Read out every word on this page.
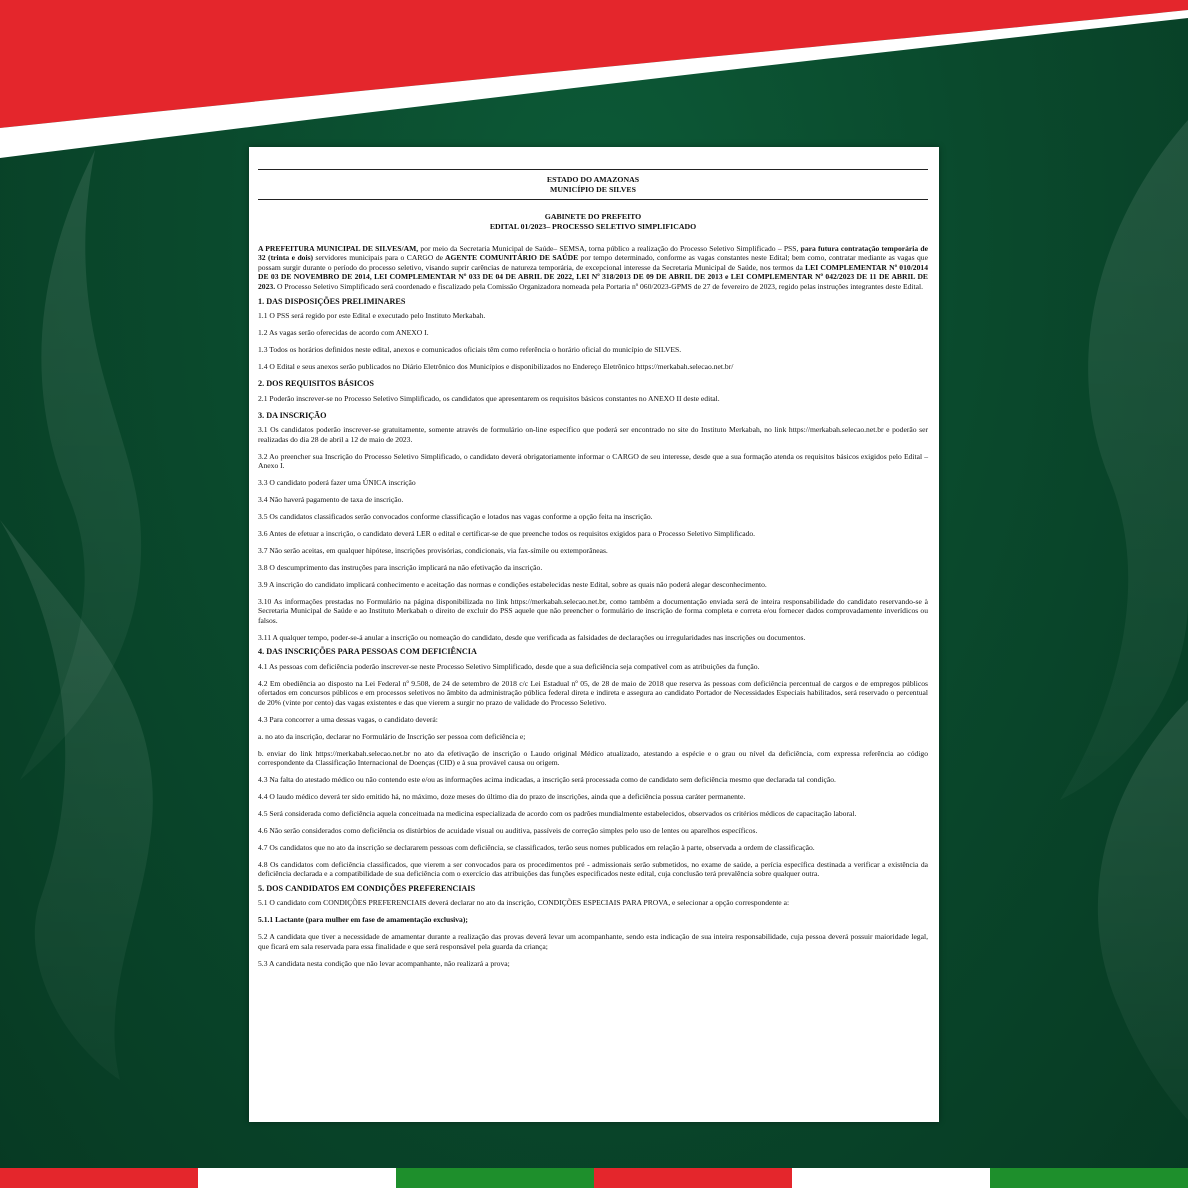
ESTADO DO AMAZONAS
MUNICÍPIO DE SILVES
GABINETE DO PREFEITO
EDITAL 01/2023– PROCESSO SELETIVO SIMPLIFICADO

A PREFEITURA MUNICIPAL DE SILVES/AM, por meio da Secretaria Municipal de Saúde– SEMSA, torna público a realização do Processo Seletivo Simplificado – PSS, para futura contratação temporária de 32 (trinta e dois) servidores municipais para o CARGO de AGENTE COMUNITÁRIO DE SAÚDE por tempo determinado, conforme as vagas constantes neste Edital; bem como, contratar mediante as vagas que possam surgir durante o período do processo seletivo, visando suprir carências de natureza temporária, de excepcional interesse da Secretaria Municipal de Saúde, nos termos da LEI COMPLEMENTAR Nº 010/2014 DE 03 DE NOVEMBRO DE 2014, LEI COMPLEMENTAR Nº 033 DE 04 DE ABRIL DE 2022, LEI Nº 318/2013 DE 09 DE ABRIL DE 2013 e LEI COMPLEMENTAR Nº 042/2023 DE 11 DE ABRIL DE 2023. O Processo Seletivo Simplificado será coordenado e fiscalizado pela Comissão Organizadora nomeada pela Portaria nº 060/2023-GPMS de 27 de fevereiro de 2023, regido pelas instruções integrantes deste Edital.

1. DAS DISPOSIÇÕES PRELIMINARES

1.1 O PSS será regido por este Edital e executado pelo Instituto Merkabah.

1.2 As vagas serão oferecidas de acordo com ANEXO I.

1.3 Todos os horários definidos neste edital, anexos e comunicados oficiais têm como referência o horário oficial do município de SILVES.

1.4 O Edital e seus anexos serão publicados no Diário Eletrônico dos Municípios e disponibilizados no Endereço Eletrônico https://merkabah.selecao.net.br/

2. DOS REQUISITOS BÁSICOS

2.1 Poderão inscrever-se no Processo Seletivo Simplificado, os candidatos que apresentarem os requisitos básicos constantes no ANEXO II deste edital.

3. DA INSCRIÇÃO

3.1 Os candidatos poderão inscrever-se gratuitamente, somente através de formulário on-line específico que poderá ser encontrado no site do Instituto Merkabah, no link https://merkabah.selecao.net.br e poderão ser realizadas do dia 28 de abril a 12 de maio de 2023.

3.2 Ao preencher sua Inscrição do Processo Seletivo Simplificado, o candidato deverá obrigatoriamente informar o CARGO de seu interesse, desde que a sua formação atenda os requisitos básicos exigidos pelo Edital – Anexo I.

3.3 O candidato poderá fazer uma ÚNICA inscrição

3.4 Não haverá pagamento de taxa de inscrição.

3.5 Os candidatos classificados serão convocados conforme classificação e lotados nas vagas conforme a opção feita na inscrição.

3.6 Antes de efetuar a inscrição, o candidato deverá LER o edital e certificar-se de que preenche todos os requisitos exigidos para o Processo Seletivo Simplificado.

3.7 Não serão aceitas, em qualquer hipótese, inscrições provisórias, condicionais, via fax-símile ou extemporâneas.

3.8 O descumprimento das instruções para inscrição implicará na não efetivação da inscrição.

3.9 A inscrição do candidato implicará conhecimento e aceitação das normas e condições estabelecidas neste Edital, sobre as quais não poderá alegar desconhecimento.

3.10 As informações prestadas no Formulário na página disponibilizada no link https://merkabah.selecao.net.br, como também a documentação enviada será de inteira responsabilidade do candidato reservando-se à Secretaria Municipal de Saúde e ao Instituto Merkabah o direito de excluir do PSS aquele que não preencher o formulário de inscrição de forma completa e correta e/ou fornecer dados comprovadamente inverídicos ou falsos.

3.11 A qualquer tempo, poder-se-á anular a inscrição ou nomeação do candidato, desde que verificada as falsidades de declarações ou irregularidades nas inscrições ou documentos.

4. DAS INSCRIÇÕES PARA PESSOAS COM DEFICIÊNCIA

4.1 As pessoas com deficiência poderão inscrever-se neste Processo Seletivo Simplificado, desde que a sua deficiência seja compatível com as atribuições da função.

4.2 Em obediência ao disposto na Lei Federal nº 9.508, de 24 de setembro de 2018 c/c Lei Estadual nº 05, de 28 de maio de 2018 que reserva às pessoas com deficiência percentual de cargos e de empregos públicos ofertados em concursos públicos e em processos seletivos no âmbito da administração pública federal direta e indireta e assegura ao candidato Portador de Necessidades Especiais habilitados, será reservado o percentual de 20% (vinte por cento) das vagas existentes e das que vierem a surgir no prazo de validade do Processo Seletivo.

4.3 Para concorrer a uma dessas vagas, o candidato deverá:

a. no ato da inscrição, declarar no Formulário de Inscrição ser pessoa com deficiência e;

b. enviar do link https://merkabah.selecao.net.br no ato da efetivação de inscrição o Laudo original Médico atualizado, atestando a espécie e o grau ou nível da deficiência, com expressa referência ao código correspondente da Classificação Internacional de Doenças (CID) e à sua provável causa ou origem.

4.3 Na falta do atestado médico ou não contendo este e/ou as informações acima indicadas, a inscrição será processada como de candidato sem deficiência mesmo que declarada tal condição.

4.4 O laudo médico deverá ter sido emitido há, no máximo, doze meses do último dia do prazo de inscrições, ainda que a deficiência possua caráter permanente.

4.5 Será considerada como deficiência aquela conceituada na medicina especializada de acordo com os padrões mundialmente estabelecidos, observados os critérios médicos de capacitação laboral.

4.6 Não serão considerados como deficiência os distúrbios de acuidade visual ou auditiva, passíveis de correção simples pelo uso de lentes ou aparelhos específicos.

4.7 Os candidatos que no ato da inscrição se declararem pessoas com deficiência, se classificados, terão seus nomes publicados em relação à parte, observada a ordem de classificação.

4.8 Os candidatos com deficiência classificados, que vierem a ser convocados para os procedimentos pré - admissionais serão submetidos, no exame de saúde, a perícia específica destinada a verificar a existência da deficiência declarada e a compatibilidade de sua deficiência com o exercício das atribuições das funções especificados neste edital, cuja conclusão terá prevalência sobre qualquer outra.

5. DOS CANDIDATOS EM CONDIÇÕES PREFERENCIAIS

5.1 O candidato com CONDIÇÕES PREFERENCIAIS deverá declarar no ato da inscrição, CONDIÇÕES ESPECIAIS PARA PROVA, e selecionar a opção correspondente a:

5.1.1 Lactante (para mulher em fase de amamentação exclusiva);

5.2 A candidata que tiver a necessidade de amamentar durante a realização das provas deverá levar um acompanhante, sendo esta indicação de sua inteira responsabilidade, cuja pessoa deverá possuir maioridade legal, que ficará em sala reservada para essa finalidade e que será responsável pela guarda da criança;

5.3 A candidata nesta condição que não levar acompanhante, não realizará a prova;
